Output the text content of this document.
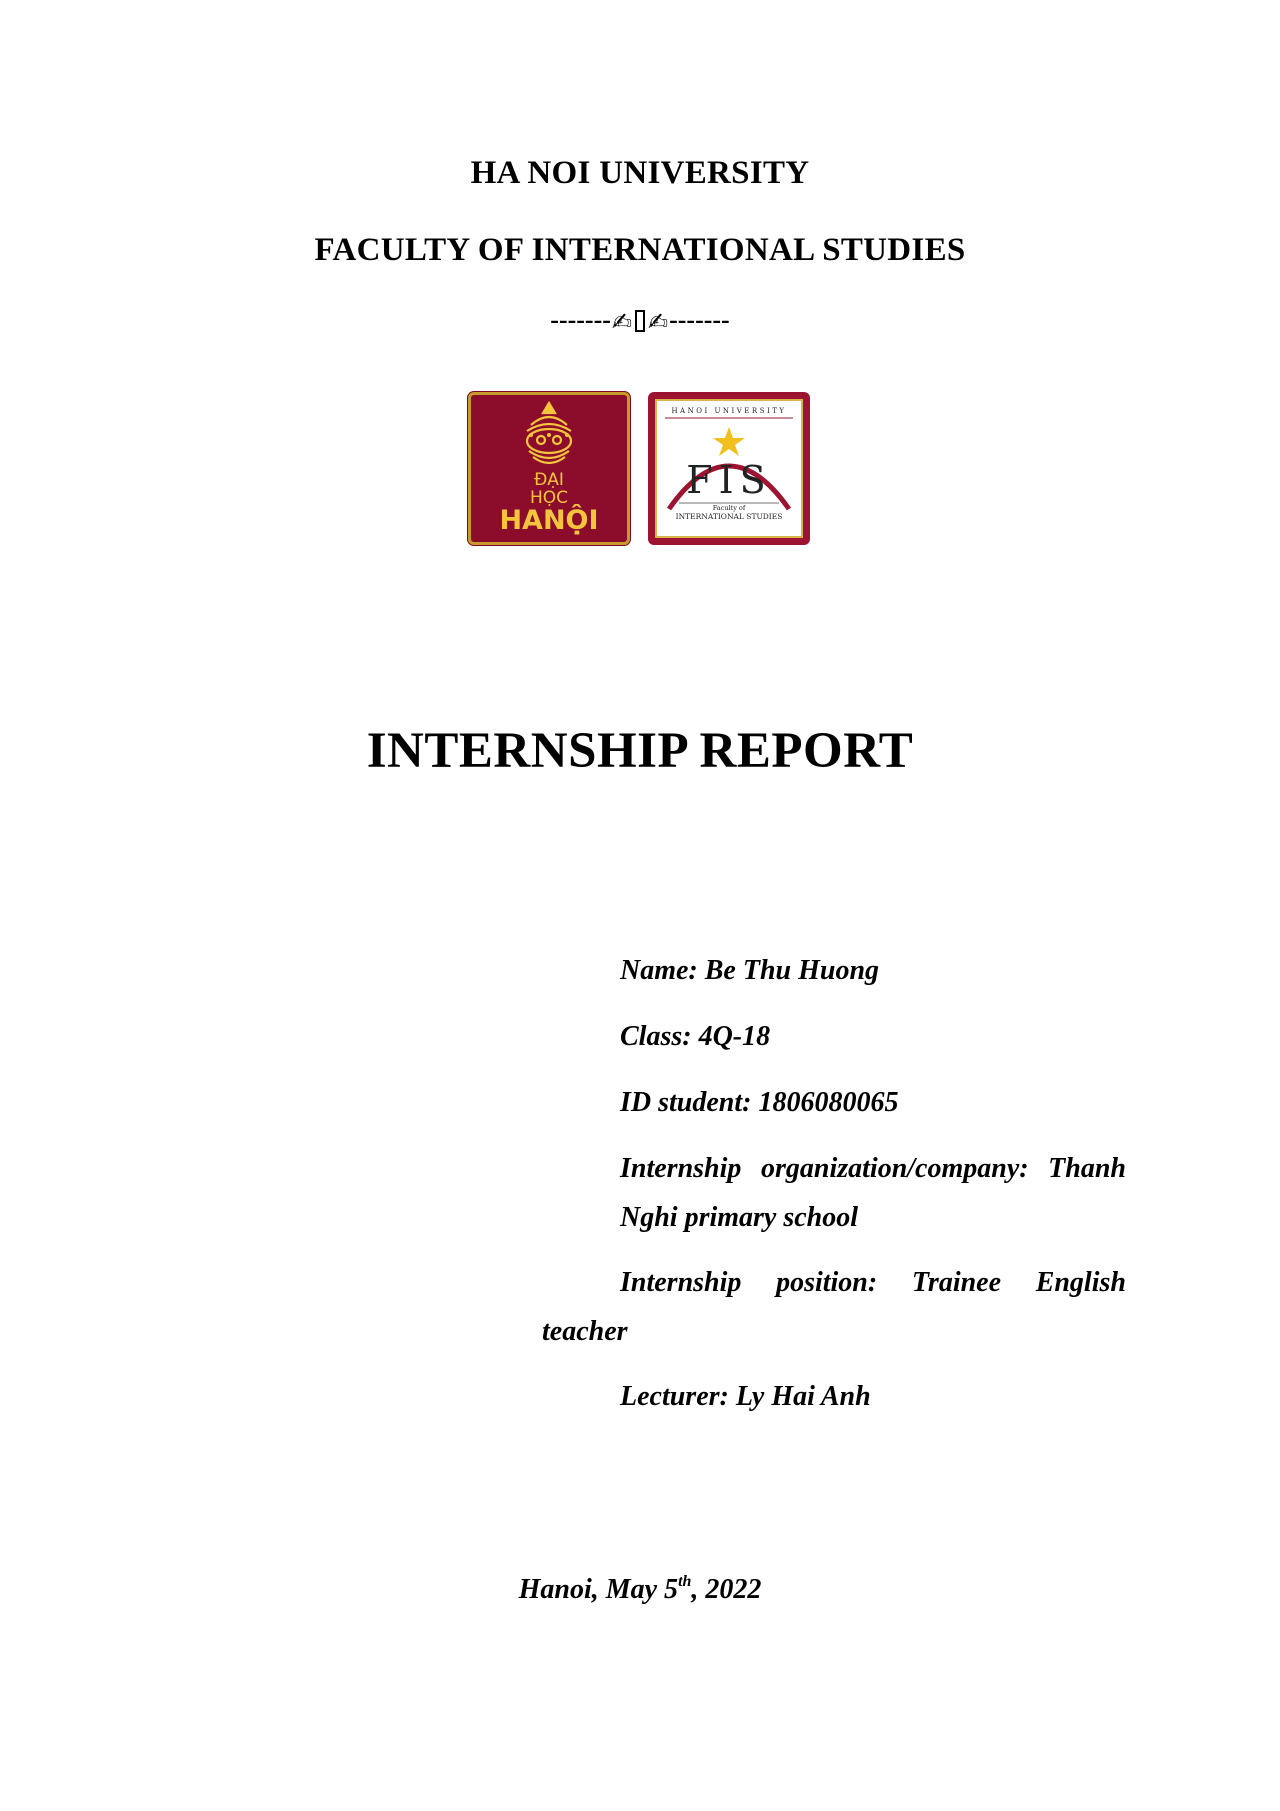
HA NOI UNIVERSITY
FACULTY OF INTERNATIONAL STUDIES
-------✍ ✍-------
ĐẠI
HỌC
HANỘI
HANOI UNIVERSITY
FIS
Faculty of
INTERNATIONAL STUDIES
INTERNSHIP REPORT
Name: Be Thu Huong
Class: 4Q-18
ID student: 1806080065
Internship organization/company: Thanh
Nghi primary school
Internship position: Trainee English
teacher
Lecturer: Ly Hai Anh
Hanoi, May 5th, 2022
